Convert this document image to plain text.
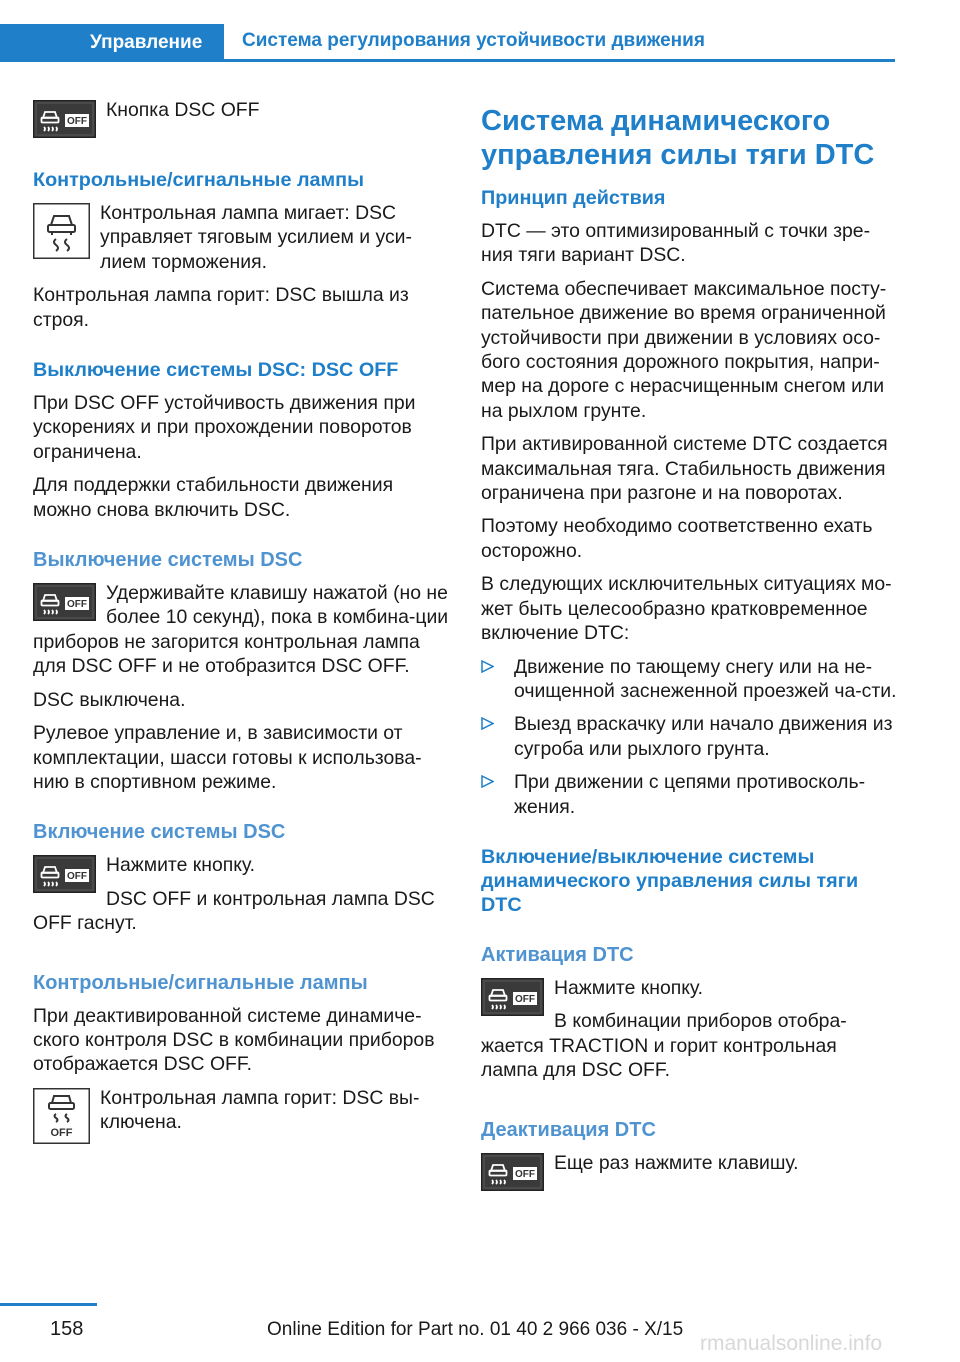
Управление	Система регулирования устойчивости движения
OFF

Кнопка DSC OFF

Контрольные/сигнальные лампы

Контрольная лампа мигает: DSC управляет тяговым усилием и уси-лием торможения.

Контрольная лампа горит: DSC вышла из строя.

Выключение системы DSC: DSC OFF

При DSC OFF устойчивость движения при ускорениях и при прохождении поворотов ограничена.

Для поддержки стабильности движения можно снова включить DSC.

Выключение системы DSC
OFF

Удерживайте клавишу нажатой (но не более 10 секунд), пока в комбина-ции приборов не загорится контрольная лампа для DSC OFF и не отобразится DSC OFF.

DSC выключена.

Рулевое управление и, в зависимости от комплектации, шасси готовы к использова-нию в спортивном режиме.

Включение системы DSC
OFF

Нажмите кнопку.

DSC OFF и контрольная лампа DSC OFF гаснут.

Контрольные/сигнальные лампы

При деактивированной системе динамиче-ского контроля DSC в комбинации приборов отображается DSC OFF.

OFF

Контрольная лампа горит: DSC вы-ключена.

Система динамического управления силы тяги DTC
Принцип действия

DTC — это оптимизированный с точки зре-ния тяги вариант DSC.

Система обеспечивает максимальное посту-пательное движение во время ограниченной устойчивости при движении в условиях осо-бого состояния дорожного покрытия, напри-мер на дороге с нерасчищенным снегом или на рыхлом грунте.

При активированной системе DTC создается максимальная тяга. Стабильность движения ограничена при разгоне и на поворотах.

Поэтому необходимо соответственно ехать осторожно.

В следующих исключительных ситуациях мо-жет быть целесообразно кратковременное включение DTC:

Движение по тающему снегу или на не-очищенной заснеженной проезжей ча-сти.
Выезд враскачку или начало движения из сугроба или рыхлого грунта.
При движении с цепями противосколь-жения.
Включение/выключение системы динамического управления силы тяги DTC
Активация DTC
OFF

Нажмите кнопку.

В комбинации приборов отобра-жается TRACTION и горит контрольная лампа для DSC OFF.

Деактивация DTC
OFF

Еще раз нажмите клавишу.

158	Online Edition for Part no. 01 40 2 966 036 - X/15
rmanualsonline.info
